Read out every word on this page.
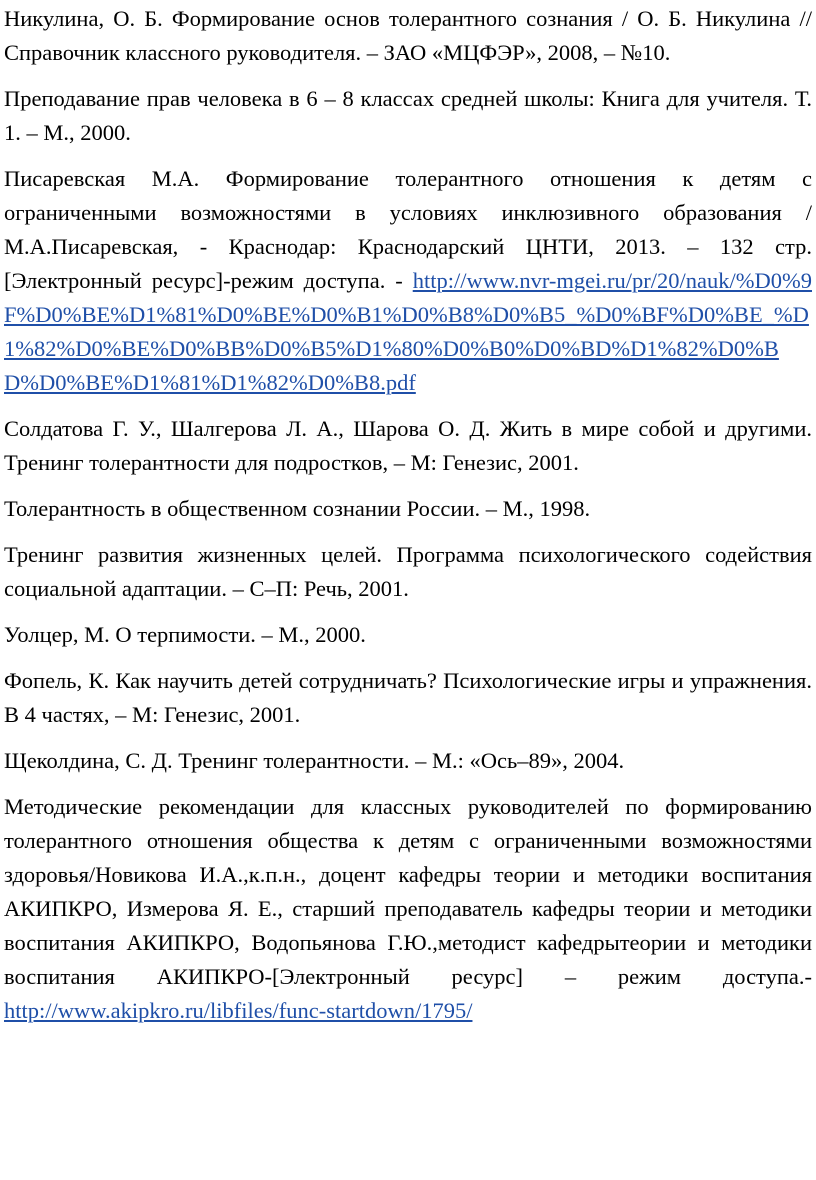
Никулина, О. Б. Формирование основ толерантного сознания / О. Б. Никулина // Справочник классного руководителя. – ЗАО «МЦФЭР», 2008, – №10.

Преподавание прав человека в 6 – 8 классах средней школы: Книга для учителя. Т. 1. – М., 2000.

Писаревская М.А. Формирование толерантного отношения к детям с ограниченными возможностями в условиях инклюзивного образования / М.А.Писаревская, - Краснодар: Краснодарский ЦНТИ, 2013. – 132 стр.[Электронный ресурс]-режим доступа. - http://www.nvr-mgei.ru/pr/20/nauk/%D0%9F%D0%BE%D1%81%D0%BE%D0%B1%D0%B8%D0%B5_%D0%BF%D0%BE_%D1%82%D0%BE%D0%BB%D0%B5%D1%80%D0%B0%D0%BD%D1%82%D0%BD%D0%BE%D1%81%D1%82%D0%B8.pdf

Солдатова Г. У., Шалгерова Л. А., Шарова О. Д. Жить в мире собой и другими. Тренинг толерантности для подростков, – М: Генезис, 2001.

Толерантность в общественном сознании России. – М., 1998.

Тренинг развития жизненных целей. Программа психологического содействия социальной адаптации. – С–П: Речь, 2001.

Уолцер, М. О терпимости. – М., 2000.

Фопель, К. Как научить детей сотрудничать? Психологические игры и упражнения. В 4 частях, – М: Генезис, 2001.

Щеколдина, С. Д. Тренинг толерантности. – М.: «Ось–89», 2004.

Методические рекомендации для классных руководителей по формированию толерантного отношения общества к детям с ограниченными возможностями здоровья/Новикова И.А.,к.п.н., доцент кафедры теории и методики воспитания АКИПКРО, Измерова Я. Е., старший преподаватель кафедры теории и методики воспитания АКИПКРО, Водопьянова Г.Ю.,методист кафедрытеории и методики воспитания АКИПКРО-[Электронный ресурс] – режим доступа.-http://www.akipkro.ru/libfiles/func-startdown/1795/
